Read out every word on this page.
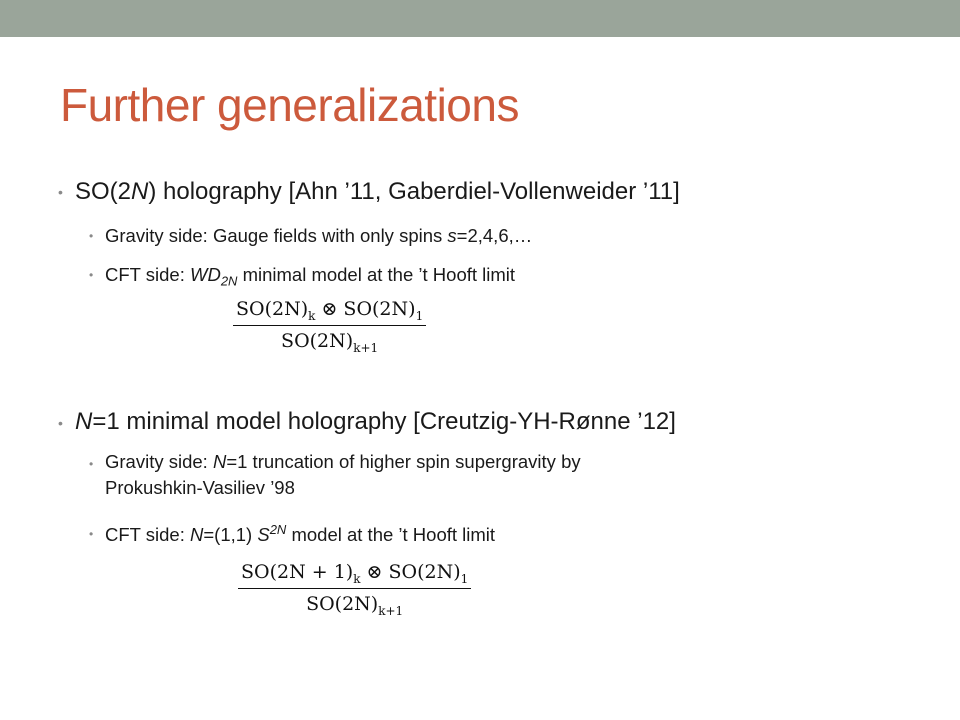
Further generalizations
• SO(2N) holography [Ahn ’11, Gaberdiel-Vollenweider ’11]
• Gravity side: Gauge fields with only spins s=2,4,6,…
• CFT side: $WD_{2N}$ minimal model at the ’t Hooft limit
$SO(2N)_k$ ⊗ $SO(2N)_1$
$SO(2N)_{k+1}$
• N=1 minimal model holography [Creutzig-YH-Rønne ’12]
• Gravity side: N=1 truncation of higher spin supergravity by
Prokushkin-Vasiliev ’98
• CFT side: N=(1,1) $S^{2N}$ model at the ’t Hooft limit
$SO(2N + 1)_k$ ⊗ $SO(2N)_1$
$SO(2N)_{k+1}$
